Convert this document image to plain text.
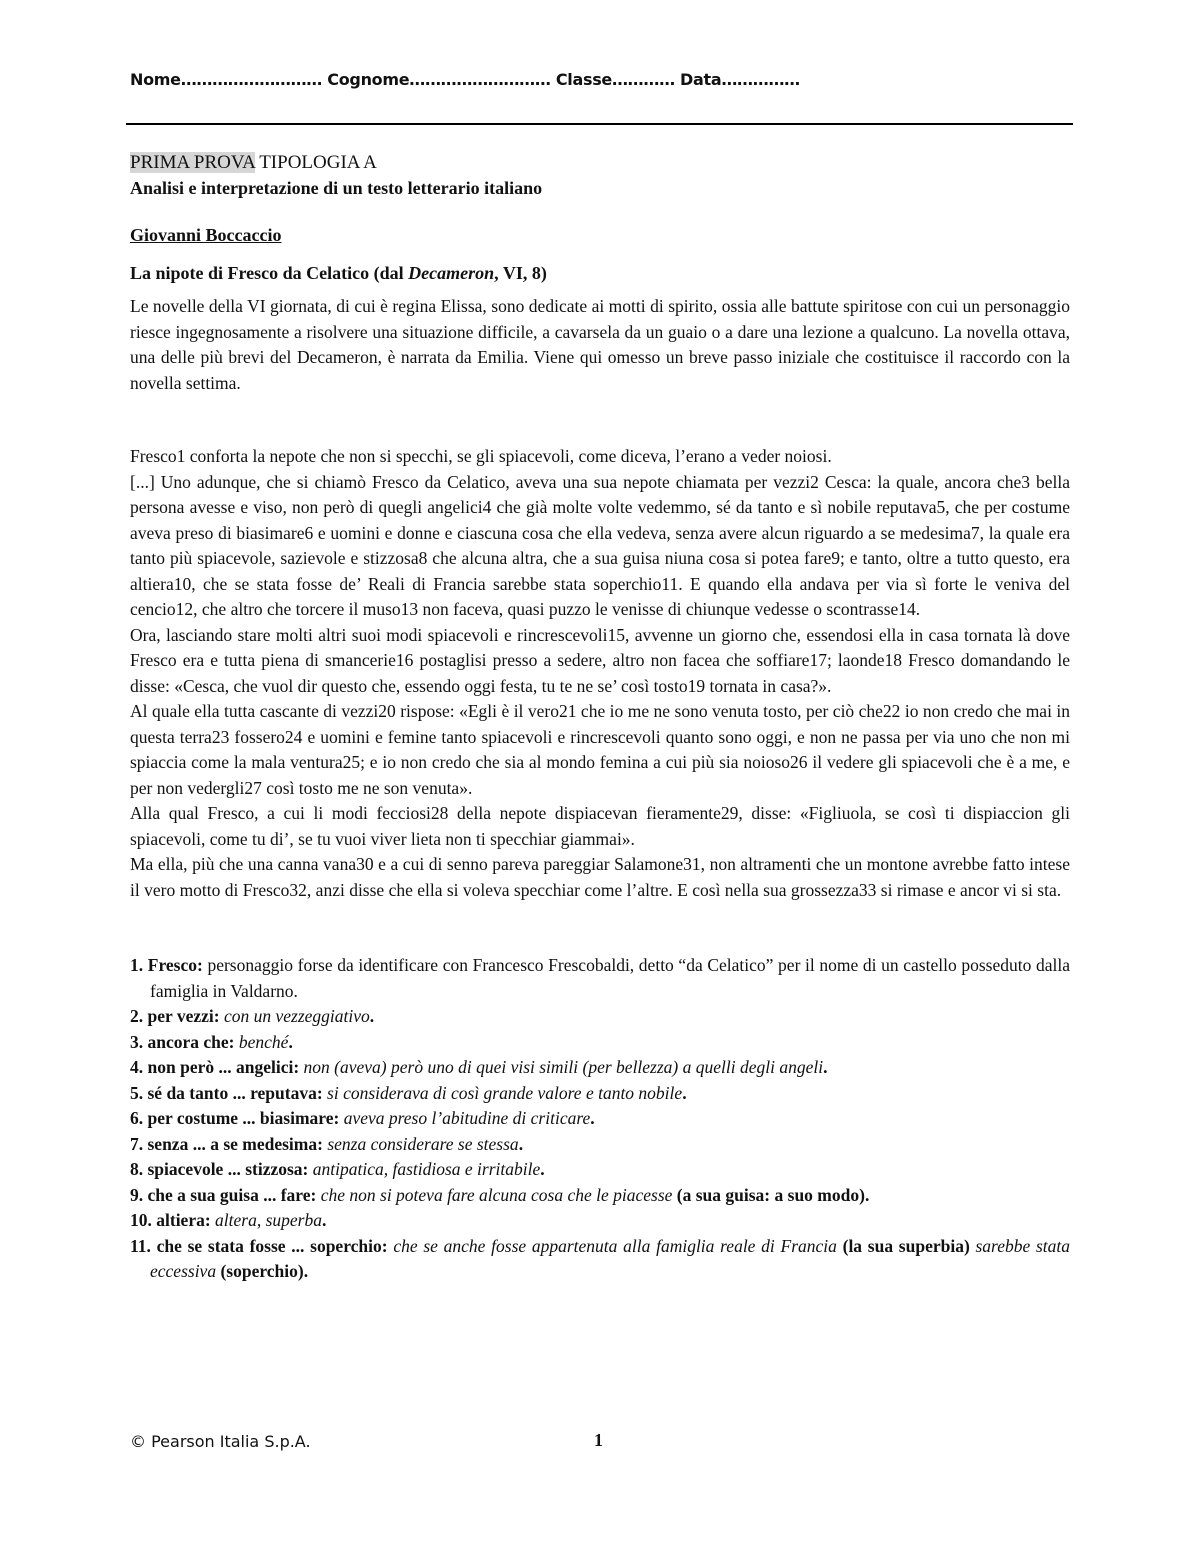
Nome……………………… Cognome……………………… Classe………… Data……………
PRIMA PROVA TIPOLOGIA A
Analisi e interpretazione di un testo letterario italiano
Giovanni Boccaccio
La nipote di Fresco da Celatico (dal Decameron, VI, 8)

Le novelle della VI giornata, di cui è regina Elissa, sono dedicate ai motti di spirito, ossia alle battute spiritose con cui un personaggio riesce ingegnosamente a risolvere una situazione difficile, a cavarsela da un guaio o a dare una lezione a qualcuno. La novella ottava, una delle più brevi del Decameron, è narrata da Emilia. Viene qui omesso un breve passo iniziale che costituisce il raccordo con la novella settima.

Fresco1 conforta la nepote che non si specchi, se gli spiacevoli, come diceva, l’erano a veder noiosi.

[...] Uno adunque, che si chiamò Fresco da Celatico, aveva una sua nepote chiamata per vezzi2 Cesca: la quale, ancora che3 bella persona avesse e viso, non però di quegli angelici4 che già molte volte vedemmo, sé da tanto e sì nobile reputava5, che per costume aveva preso di biasimare6 e uomini e donne e ciascuna cosa che ella vedeva, senza avere alcun riguardo a se medesima7, la quale era tanto più spiacevole, sazievole e stizzosa8 che alcuna altra, che a sua guisa niuna cosa si potea fare9; e tanto, oltre a tutto questo, era altiera10, che se stata fosse de’ Reali di Francia sarebbe stata soperchio11. E quando ella andava per via sì forte le veniva del cencio12, che altro che torcere il muso13 non faceva, quasi puzzo le venisse di chiunque vedesse o scontrasse14.

Ora, lasciando stare molti altri suoi modi spiacevoli e rincrescevoli15, avvenne un giorno che, essendosi ella in casa tornata là dove Fresco era e tutta piena di smancerie16 postaglisi presso a sedere, altro non facea che soffiare17; laonde18 Fresco domandando le disse: «Cesca, che vuol dir questo che, essendo oggi festa, tu te ne se’ così tosto19 tornata in casa?».

Al quale ella tutta cascante di vezzi20 rispose: «Egli è il vero21 che io me ne sono venuta tosto, per ciò che22 io non credo che mai in questa terra23 fossero24 e uomini e femine tanto spiacevoli e rincrescevoli quanto sono oggi, e non ne passa per via uno che non mi spiaccia come la mala ventura25; e io non credo che sia al mondo femina a cui più sia noioso26 il vedere gli spiacevoli che è a me, e per non vedergli27 così tosto me ne son venuta».

Alla qual Fresco, a cui li modi fecciosi28 della nepote dispiacevan fieramente29, disse: «Figliuola, se così ti dispiaccion gli spiacevoli, come tu di’, se tu vuoi viver lieta non ti specchiar giammai».

Ma ella, più che una canna vana30 e a cui di senno pareva pareggiar Salamone31, non altramenti che un montone avrebbe fatto intese il vero motto di Fresco32, anzi disse che ella si voleva specchiar come l’altre. E così nella sua grossezza33 si rimase e ancor vi si sta.

1. Fresco: personaggio forse da identificare con Francesco Frescobaldi, detto “da Celatico” per il nome di un castello posseduto dalla famiglia in Valdarno.
2. per vezzi: con un vezzeggiativo.
3. ancora che: benché.
4. non però ... angelici: non (aveva) però uno di quei visi simili (per bellezza) a quelli degli angeli.
5. sé da tanto ... reputava: si considerava di così grande valore e tanto nobile.
6. per costume ... biasimare: aveva preso l’abitudine di criticare.
7. senza ... a se medesima: senza considerare se stessa.
8. spiacevole ... stizzosa: antipatica, fastidiosa e irritabile.
9. che a sua guisa ... fare: che non si poteva fare alcuna cosa che le piacesse (a sua guisa: a suo modo).
10. altiera: altera, superba.
11. che se stata fosse ... soperchio: che se anche fosse appartenuta alla famiglia reale di Francia (la sua superbia) sarebbe stata eccessiva (soperchio).
© Pearson Italia S.p.A.	1
